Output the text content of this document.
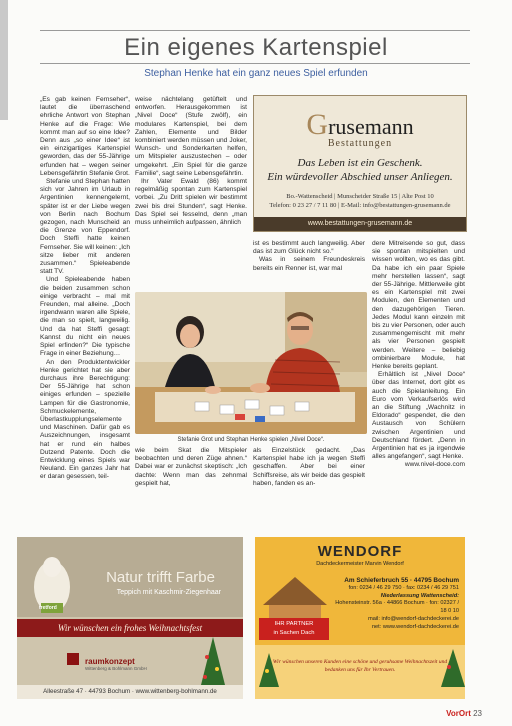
Ein eigenes Kartenspiel
Stephan Henke hat ein ganz neues Spiel erfunden

„Es gab keinen Fernseher“, lautet die überraschend ehrliche Antwort von Stephan Henke auf die Frage: Wie kommt man auf so eine Idee? Denn aus „so einer Idee“ ist ein einzigartiges Kartenspiel geworden, das der 55-Jährige erfunden hat – wegen seiner Lebensgefährtin Stefanie Grot.

Stefanie und Stephan hatten sich vor Jahren im Urlaub in Argentinien kennengelernt, später ist er der Liebe wegen von Berlin nach Bochum gezogen, nach Munscheid an die Grenze von Eppendorf. Doch Steffi hatte keinen Fernseher. Sie will keinen: „Ich sitze lieber mit anderen zusammen.“ Spieleabende statt TV.

Und Spieleabende haben die beiden zusammen schon einige verbracht – mal mit Freunden, mal alleine. „Doch irgendwann waren alle Spiele, die man so spielt, langweilig. Und da hat Steffi gesagt: Kannst du nicht ein neues Spiel erfinden?“ Die typische Frage in einer Beziehung…

An den Produktentwickler Henke gerichtet hat sie aber durchaus ihre Berechtigung: Der 55-Jährige hat schon einiges erfunden – spezielle Lampen für die Gastronomie, Schmuckelemente, Überlastkupplungselemente und Maschinen. Dafür gab es Auszeichnungen, insgesamt hat er rund ein halbes Dutzend Patente. Doch die Entwicklung eines Spiels war Neuland. Ein ganzes Jahr hat er daran gesessen, teil-

weise nächtelang getüftelt und entworfen. Herausgekommen ist „Nivel Doce“ (Stufe zwölf), ein modulares Kartenspiel, bei dem Zahlen, Elemente und Bilder kombiniert werden müssen und Joker, Wunsch- und Sonderkarten helfen, um Mitspieler auszustechen – oder umgekehrt. „Ein Spiel für die ganze Familie“, sagt seine Lebensgefährtin.

Ihr Vater Ewald (86) kommt regelmäßig spontan zum Kartenspiel vorbei. „Zu Dritt spielen wir bestimmt zwei bis drei Stunden“, sagt Henke. Das Spiel sei fesselnd, denn „man muss unheimlich aufpassen, ähnlich

Grusemann
Bestattungen
Das Leben ist ein Geschenk.
Ein würdevoller Abschied unser Anliegen.
Bo.-Wattenscheid | Munscheider Straße 15 | Alte Post 10
Telefon: 0 23 27 / 7 11 80 | E-Mail: info@bestattungen-grusemann.de
www.bestattungen-grusemann.de

ist es bestimmt auch langweilig. Aber das ist zum Glück nicht so.“

Was in seinem Freundeskreis bereits ein Renner ist, war mal

dere Mitreisende so gut, dass sie spontan mitspielten und wissen wollten, wo es das gibt. Da habe ich ein paar Spiele mehr herstellen lassen“, sagt der 55-Jährige. Mittlerweile gibt es ein Kartenspiel mit zwei Modulen, den Elementen und den dazugehörigen Tieren. Jedes Modul kann einzeln mit bis zu vier Personen, oder auch zusammengemischt mit mehr als vier Personen gespielt werden. Weitere – beliebig ombinierbare Module, hat Henke bereits geplant.

Erhältlich ist „Nivel Doce“ über das Internet, dort gibt es auch die Spielanleitung. Ein Euro vom Verkaufserlös wird an die Stiftung „Wachnitz in Eldorado“ gespendet, die den Austausch von Schülern zwischen Argentinien und Deutschland fördert. „Denn in Argentinien hat es ja irgendwie alles angefangen“, sagt Henke.

www.nivel-doce.com

Stefanie Grot und Stephan Henke spielen „Nivel Doce“.

wie beim Skat die Mitspieler beobachten und deren Züge ahnen.“ Dabei war er zunächst skeptisch: „Ich dachte: Wenn man das zehnmal gespielt hat,

als Einzelstück gedacht. „Das Kartenspiel habe ich ja wegen Steffi geschaffen. Aber bei einer Schiffsreise, als wir beide das gespielt haben, fanden es an-

tretford
Natur trifft Farbe
Teppich mit Kaschmir-Ziegenhaar
Wir wünschen ein frohes Weihnachtsfest
raumkonzept
Wittenberg & Bohlmann GmbH
Alleestraße 47 · 44793 Bochum · www.wittenberg-bohlmann.de
WENDORF
Dachdeckermeister Marvin Wendorf
Am Schieferbruch 55 · 44795 Bochum
fon: 0234 / 46 29 750 · fax: 0234 / 46 29 751
Niederlassung Wattenscheid:
Hohensteinstr. 56a · 44866 Bochum · fon: 02327 / 18 0 10
mail: info@wendorf-dachdeckerei.de
net: www.wendorf-dachdeckerei.de
IHR PARTNER
in Sachen Dach
Wir wünschen unseren Kunden eine schöne und geruhsame Weihnachtszeit und bedanken uns für Ihr Vertrauen.
VorOrt 23
